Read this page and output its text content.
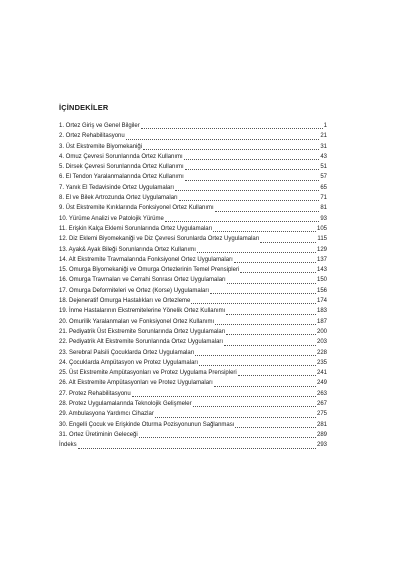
İÇİNDEKİLER
1. Ortez Giriş ve Genel Bilgiler	1
2. Ortez Rehabilitasyonu	21
3. Üst Ekstremite Biyomekaniği	31
4. Omuz Çevresi Sorunlarında Ortez Kullanımı	43
5. Dirsek Çevresi Sorunlarında Ortez Kullanımı	51
6. El Tendon Yaralanmalarında Ortez Kullanımı	57
7. Yanık El Tedavisinde Ortez Uygulamaları	65
8. El ve Bilek Artrozunda Ortez Uygulamaları	71
9. Üst Ekstremite Kırıklarında Fonksiyonel Ortez Kullanımı	81
10. Yürüme Analizi ve Patolojik Yürüme	93
11. Erişkin Kalça Eklemi Sorunlarında Ortez Uygulamaları	105
12. Diz Eklemi Biyomekaniği ve Diz Çevresi Sorunlarda Ortez Uygulamaları	115
13. Ayak& Ayak Bileği Sorunlarında Ortez Kullanımı	129
14. Alt Ekstremite Travmalarında Fonksiyonel Ortez Uygulamaları	137
15. Omurga Biyomekaniği ve Omurga Ortezlerinin Temel Prensipleri	143
16. Omurga Travmaları ve Cerrahi Sonrası Ortez Uygulamaları	150
17. Omurga Deformiteleri ve Ortez (Korse) Uygulamaları	156
18. Dejeneratif Omurga Hastalıkları ve Ortezleme	174
19. İnme Hastalarının Ekstremitelerine Yönelik Ortez Kullanımı	183
20. Omurilik Yaralanmaları ve Fonksiyonel Ortez Kullanımı	187
21. Pediyatrik Üst Ekstremite Sorunlarında Ortez Uygulamaları	200
22. Pediyatrik Alt Ekstremite Sorunlarında Ortez Uygulamaları	203
23. Serebral Palsili Çocuklarda Ortez Uygulamaları	228
24. Çocuklarda Ampütasyon ve Protez Uygulamaları	235
25. Üst Ekstremite Ampütasyonları ve Protez Uygulama Prensipleri	241
26. Alt Ekstremite Ampütasyonları ve Protez Uygulamaları	249
27. Protez Rehabilitasyonu	263
28. Protez Uygulamalarında Teknolojik Gelişmeler	267
29. Ambulasyona Yardımcı Cihazlar	275
30. Engelli Çocuk ve Erişkinde Oturma Pozisyonunun Sağlanması	281
31. Ortez Üretiminin Geleceği	289
İndeks	293
